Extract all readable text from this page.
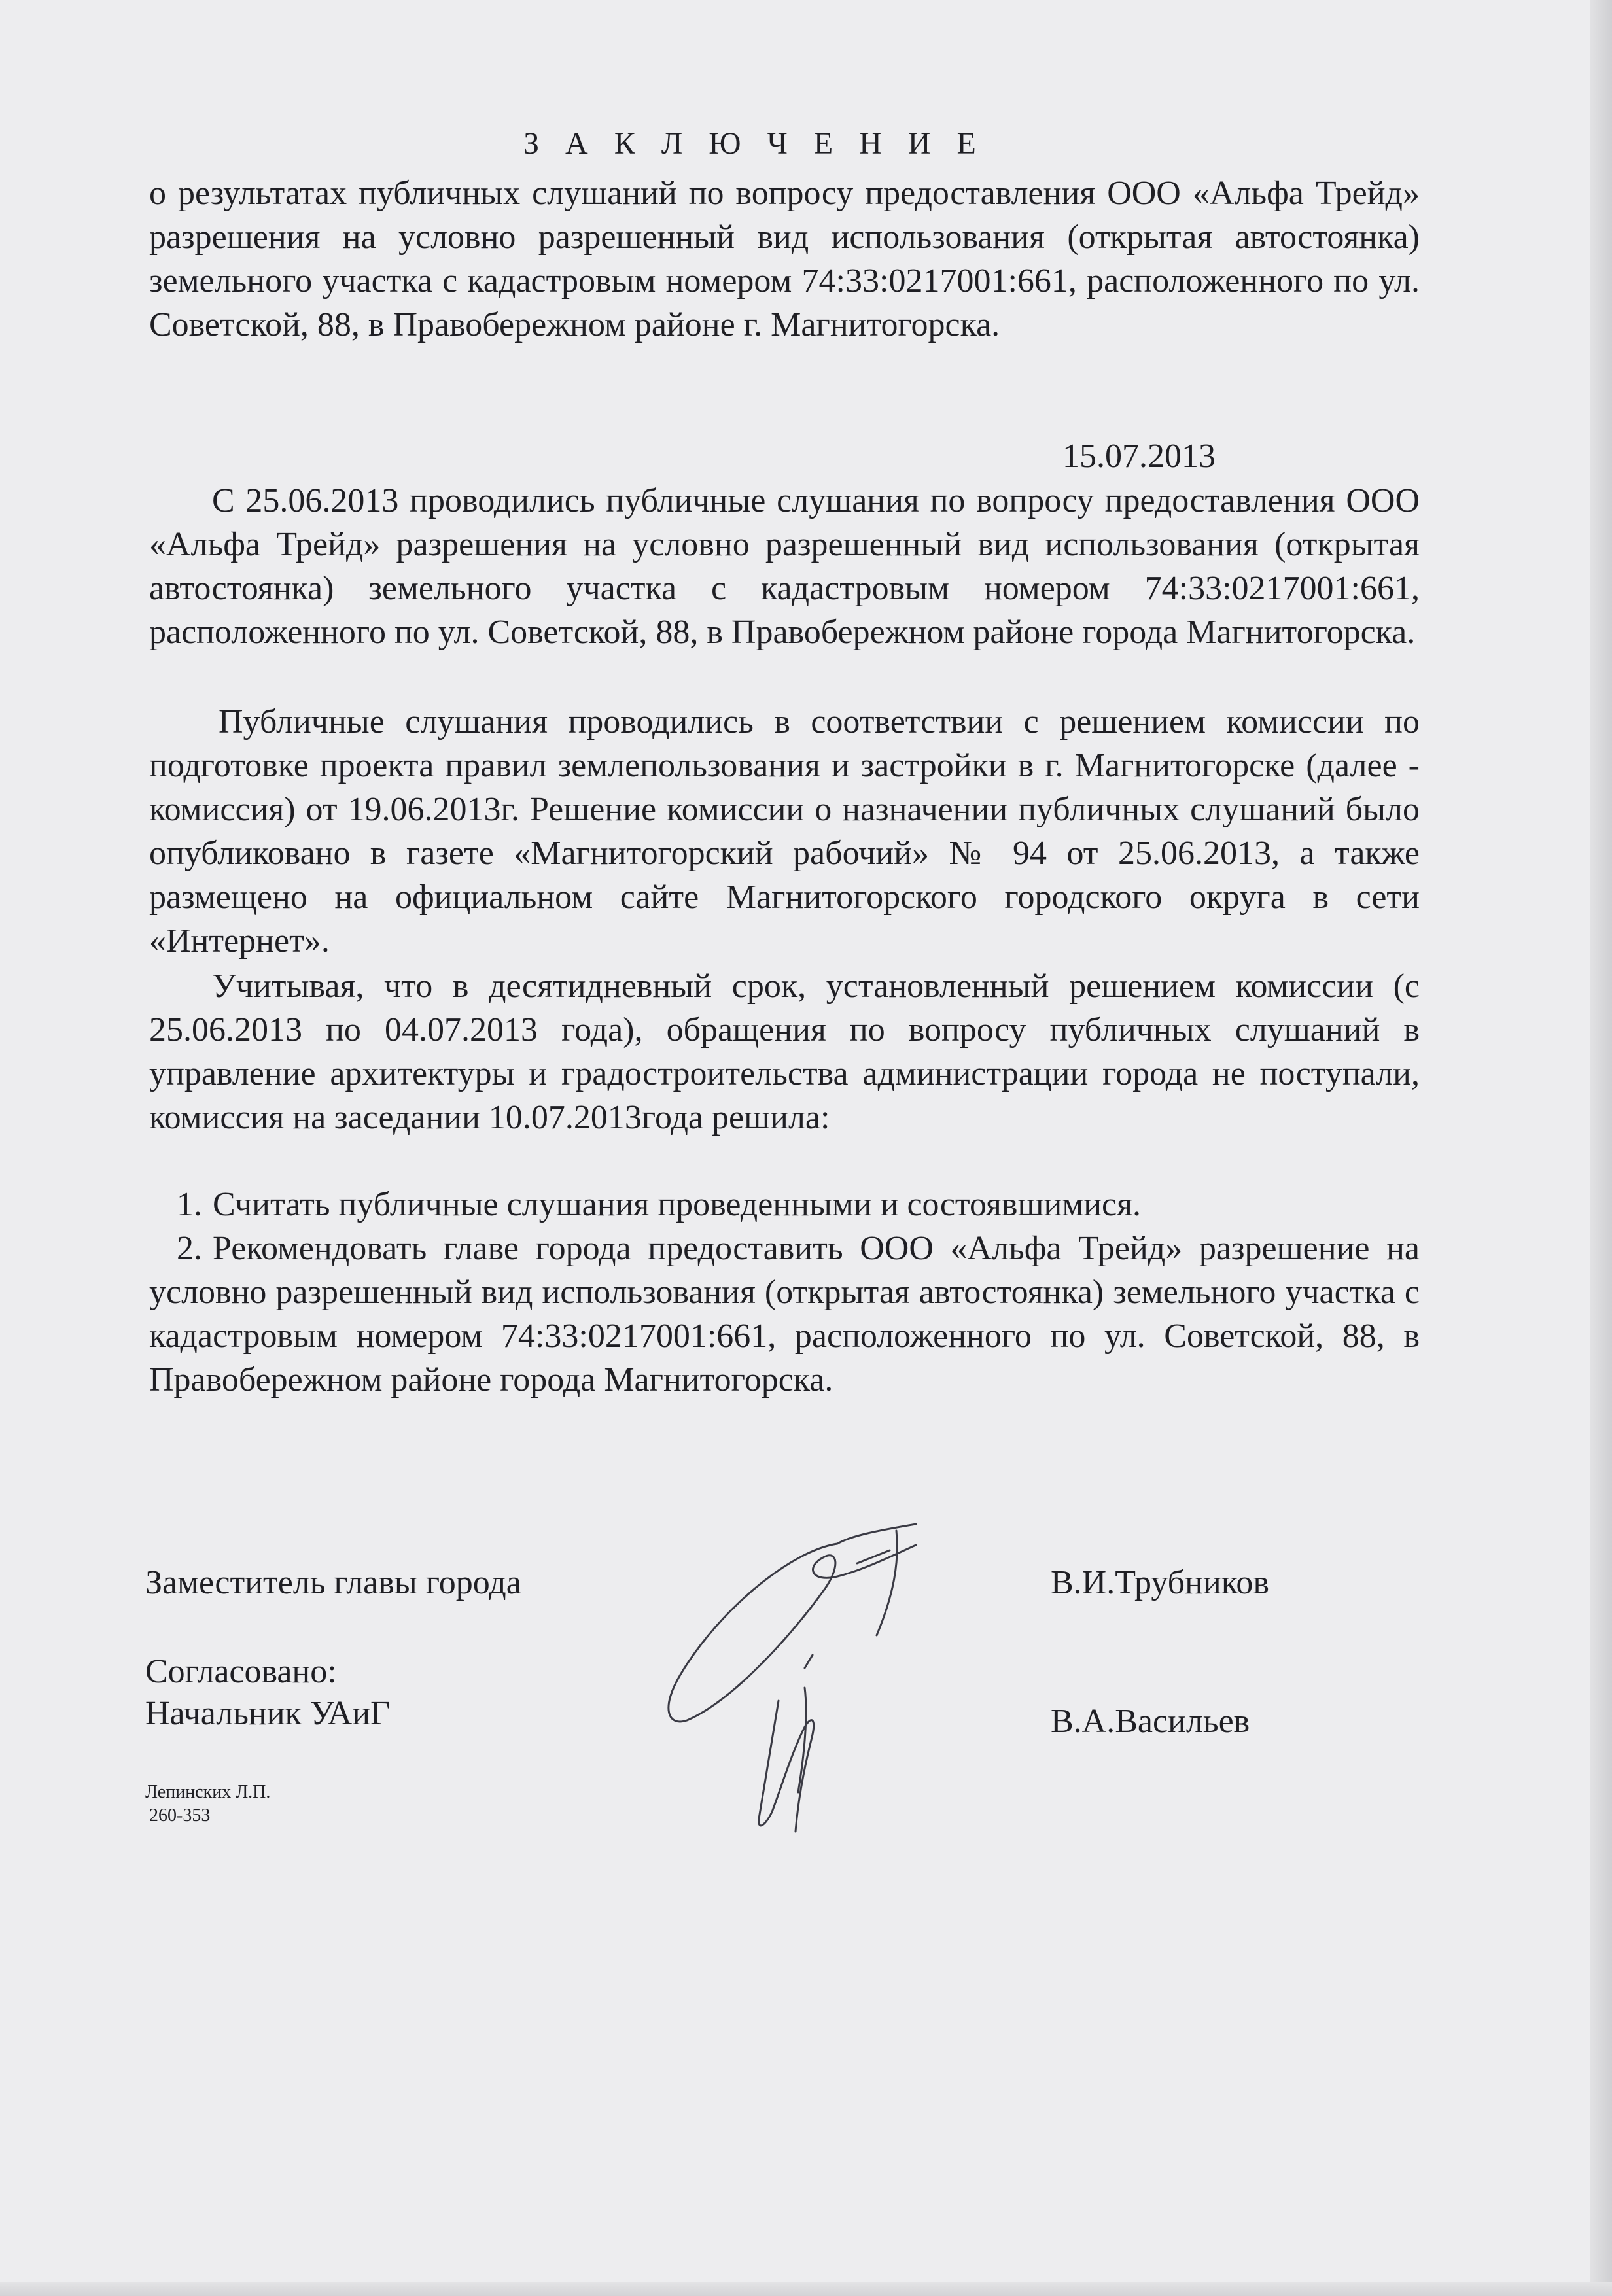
З А К Л Ю Ч Е Н И Е
о результатах публичных слушаний по вопросу предоставления ООО «Альфа Трейд» разрешения на условно разрешенный вид использования (открытая автостоянка) земельного участка с кадастровым номером 74:33:0217001:661, расположенного по ул. Советской, 88, в Правобережном районе г. Магнитогорска.
15.07.2013
С 25.06.2013 проводились публичные слушания по вопросу предоставления ООО «Альфа Трейд» разрешения на условно разрешенный вид использования (открытая автостоянка) земельного участка с кадастровым номером 74:33:0217001:661, расположенного по ул. Советской, 88, в Правобережном районе города Магнитогорска.
Публичные слушания проводились в соответствии с решением комиссии по подготовке проекта правил землепользования и застройки в г. Магнитогорске (далее - комиссия) от 19.06.2013г. Решение комиссии о назначении публичных слушаний было опубликовано в газете «Магнитогорский рабочий» № 94 от 25.06.2013, а также размещено на официальном сайте Магнитогорского городского округа в сети «Интернет».
Учитывая, что в десятидневный срок, установленный решением комиссии (с 25.06.2013 по 04.07.2013 года), обращения по вопросу публичных слушаний в управление архитектуры и градостроительства администрации города не поступали, комиссия на заседании 10.07.2013года решила:

1. Считать публичные слушания проведенными и состоявшимися.

2. Рекомендовать главе города предоставить ООО «Альфа Трейд» разрешение на условно разрешенный вид использования (открытая автостоянка) земельного участка с кадастровым номером 74:33:0217001:661, расположенного по ул. Советской, 88, в Правобережном районе города Магнитогорска.

Заместитель главы города	В.И.Трубников
Согласовано:
Начальник УАиГ	В.А.Васильев
Лепинских Л.П.
260-353
